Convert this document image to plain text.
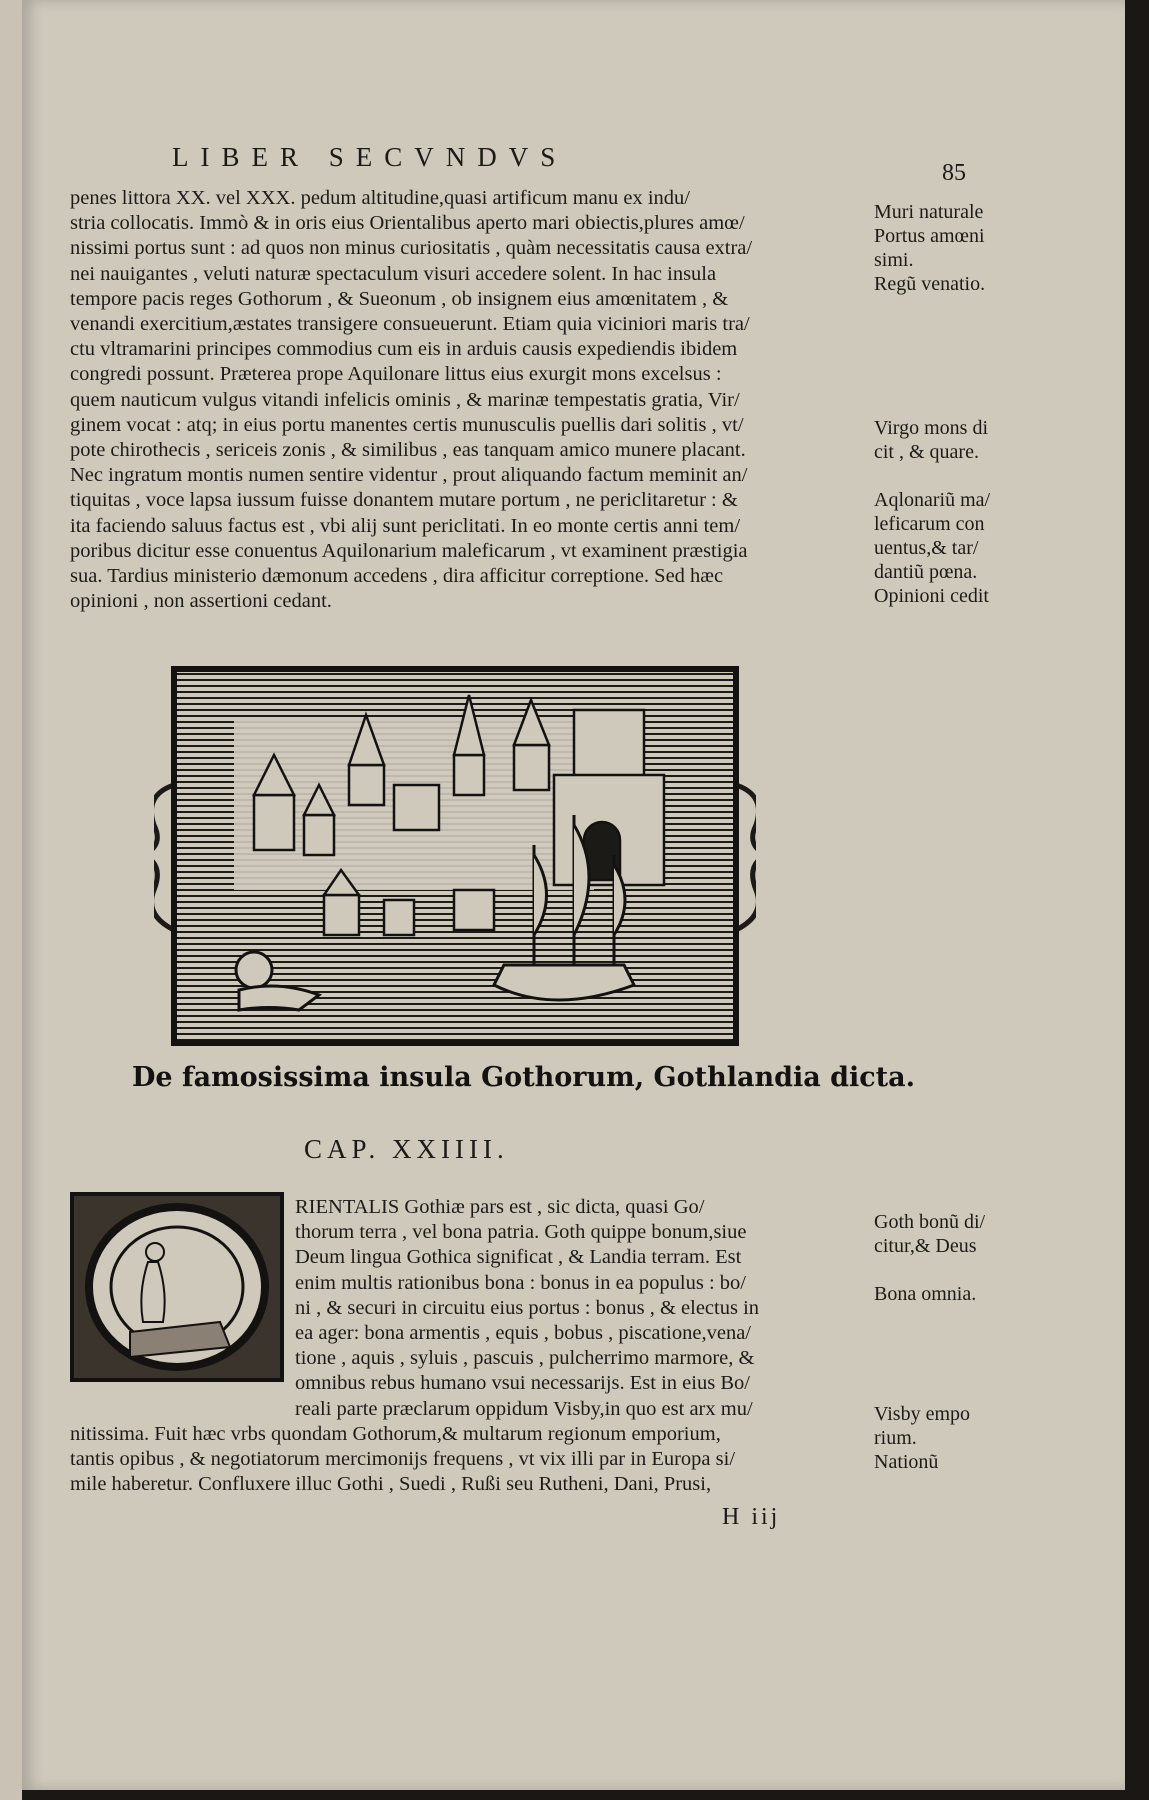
LIBER SECVNDVS
85

penes littora XX. vel XXX. pedum altitudine,quasi artificum manu ex indu/

stria collocatis. Immò & in oris eius Orientalibus aperto mari obiectis,plures amœ/

nissimi portus sunt : ad quos non minus curiositatis , quàm necessitatis causa extra/

nei nauigantes , veluti naturæ spectaculum visuri accedere solent. In hac insula

tempore pacis reges Gothorum , & Sueonum , ob insignem eius amœnitatem , &

venandi exercitium,æstates transigere consueuerunt. Etiam quia viciniori maris tra/

ctu vltramarini principes commodius cum eis in arduis causis expediendis ibidem

congredi possunt. Præterea prope Aquilonare littus eius exurgit mons excelsus :

quem nauticum vulgus vitandi infelicis ominis , & marinæ tempestatis gratia, Vir/

ginem vocat : atq; in eius portu manentes certis munusculis puellis dari solitis , vt/

pote chirothecis , sericeis zonis , & similibus , eas tanquam amico munere placant.

Nec ingratum montis numen sentire videntur , prout aliquando factum meminit an/

tiquitas , voce lapsa iussum fuisse donantem mutare portum , ne periclitaretur : &

ita faciendo saluus factus est , vbi alij sunt periclitati. In eo monte certis anni tem/

poribus dicitur esse conuentus Aquilonarium maleficarum , vt examinent præstigia

sua. Tardius ministerio dæmonum accedens , dira afficitur correptione. Sed hæc

opinioni , non assertioni cedant.

Muri naturale
Portus amœni
simi.
Regũ venatio.

Virgo mons di
cit , & quare.

Aqlonariũ ma/
leficarum con
uentus,& tar/
dantiũ pœna.
Opinioni cedit
De famosissima insula Gothorum, Gothlandia dicta.
CAP. XXIIII.

RIENTALIS Gothiæ pars est , sic dicta, quasi Go/

thorum terra , vel bona patria. Goth quippe bonum,siue

Deum lingua Gothica significat , & Landia terram. Est

enim multis rationibus bona : bonus in ea populus : bo/

ni , & securi in circuitu eius portus : bonus , & electus in

ea ager: bona armentis , equis , bobus , piscatione,vena/

tione , aquis , syluis , pascuis , pulcherrimo marmore, &

omnibus rebus humano vsui necessarijs. Est in eius Bo/

reali parte præclarum oppidum Visby,in quo est arx mu/

nitissima. Fuit hæc vrbs quondam Gothorum,& multarum regionum emporium,

tantis opibus , & negotiatorum mercimonijs frequens , vt vix illi par in Europa si/

mile haberetur. Confluxere illuc Gothi , Suedi , Rußi seu Rutheni, Dani, Prusi,

Goth bonũ di/
citur,& Deus

Bona omnia.

Visby empo
rium.
Nationũ
H iij
